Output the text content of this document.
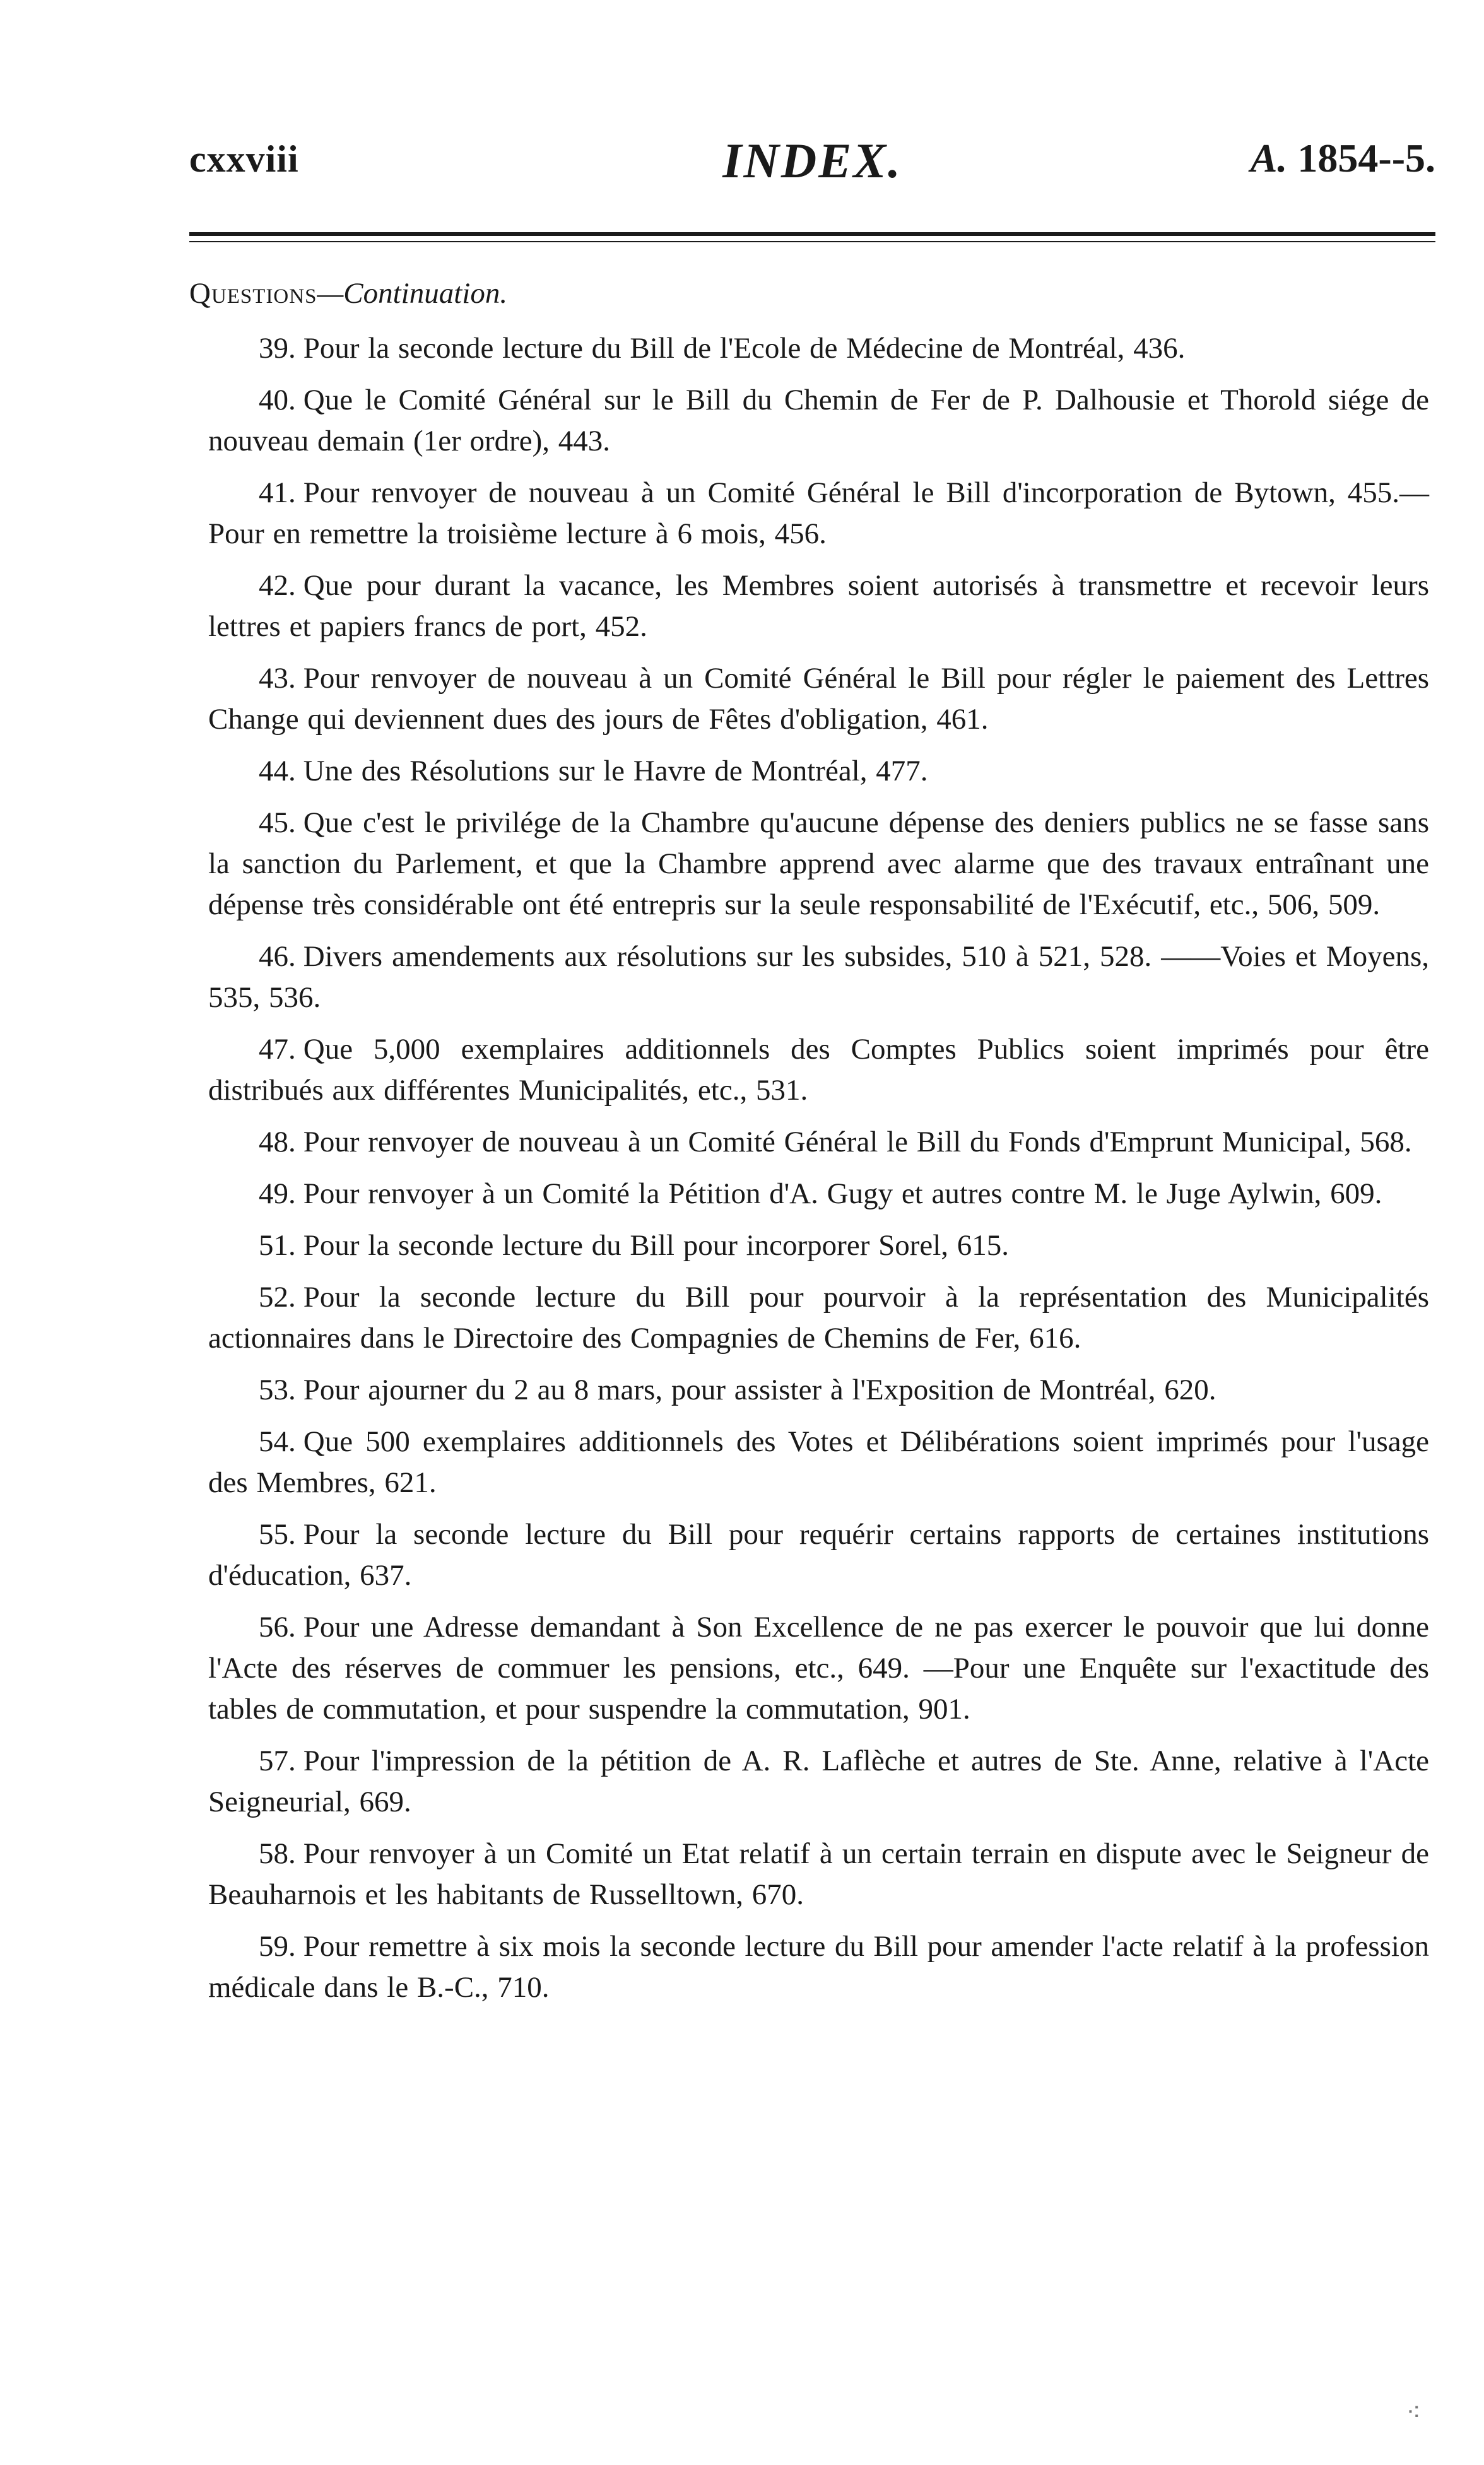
cxxviii	INDEX.	A. 1854--5.
Questions—Continuation.

39. Pour la seconde lecture du Bill de l'Ecole de Médecine de Montréal, 436.

40. Que le Comité Général sur le Bill du Chemin de Fer de P. Dalhousie et Thorold siége de nouveau demain (1er ordre), 443.

41. Pour renvoyer de nouveau à un Comité Général le Bill d'incorporation de Bytown, 455.—Pour en remettre la troisième lecture à 6 mois, 456.

42. Que pour durant la vacance, les Membres soient autorisés à transmettre et recevoir leurs lettres et papiers francs de port, 452.

43. Pour renvoyer de nouveau à un Comité Général le Bill pour régler le paiement des Lettres Change qui deviennent dues des jours de Fêtes d'obligation, 461.

44. Une des Résolutions sur le Havre de Montréal, 477.

45. Que c'est le privilége de la Chambre qu'aucune dépense des deniers publics ne se fasse sans la sanction du Parlement, et que la Chambre apprend avec alarme que des travaux entraînant une dépense très considérable ont été entrepris sur la seule responsabilité de l'Exécutif, etc., 506, 509.

46. Divers amendements aux résolutions sur les subsides, 510 à 521, 528. ——Voies et Moyens, 535, 536.

47. Que 5,000 exemplaires additionnels des Comptes Publics soient imprimés pour être distribués aux différentes Municipalités, etc., 531.

48. Pour renvoyer de nouveau à un Comité Général le Bill du Fonds d'Emprunt Municipal, 568.

49. Pour renvoyer à un Comité la Pétition d'A. Gugy et autres contre M. le Juge Aylwin, 609.

51. Pour la seconde lecture du Bill pour incorporer Sorel, 615.

52. Pour la seconde lecture du Bill pour pourvoir à la représentation des Municipalités actionnaires dans le Directoire des Compagnies de Chemins de Fer, 616.

53. Pour ajourner du 2 au 8 mars, pour assister à l'Exposition de Montréal, 620.

54. Que 500 exemplaires additionnels des Votes et Délibérations soient imprimés pour l'usage des Membres, 621.

55. Pour la seconde lecture du Bill pour requérir certains rapports de certaines institutions d'éducation, 637.

56. Pour une Adresse demandant à Son Excellence de ne pas exercer le pouvoir que lui donne l'Acte des réserves de commuer les pensions, etc., 649. —Pour une Enquête sur l'exactitude des tables de commutation, et pour suspendre la commutation, 901.

57. Pour l'impression de la pétition de A. R. Laflèche et autres de Ste. Anne, relative à l'Acte Seigneurial, 669.

58. Pour renvoyer à un Comité un Etat relatif à un certain terrain en dispute avec le Seigneur de Beauharnois et les habitants de Russelltown, 670.

59. Pour remettre à six mois la seconde lecture du Bill pour amender l'acte relatif à la profession médicale dans le B.-C., 710.

⁖
